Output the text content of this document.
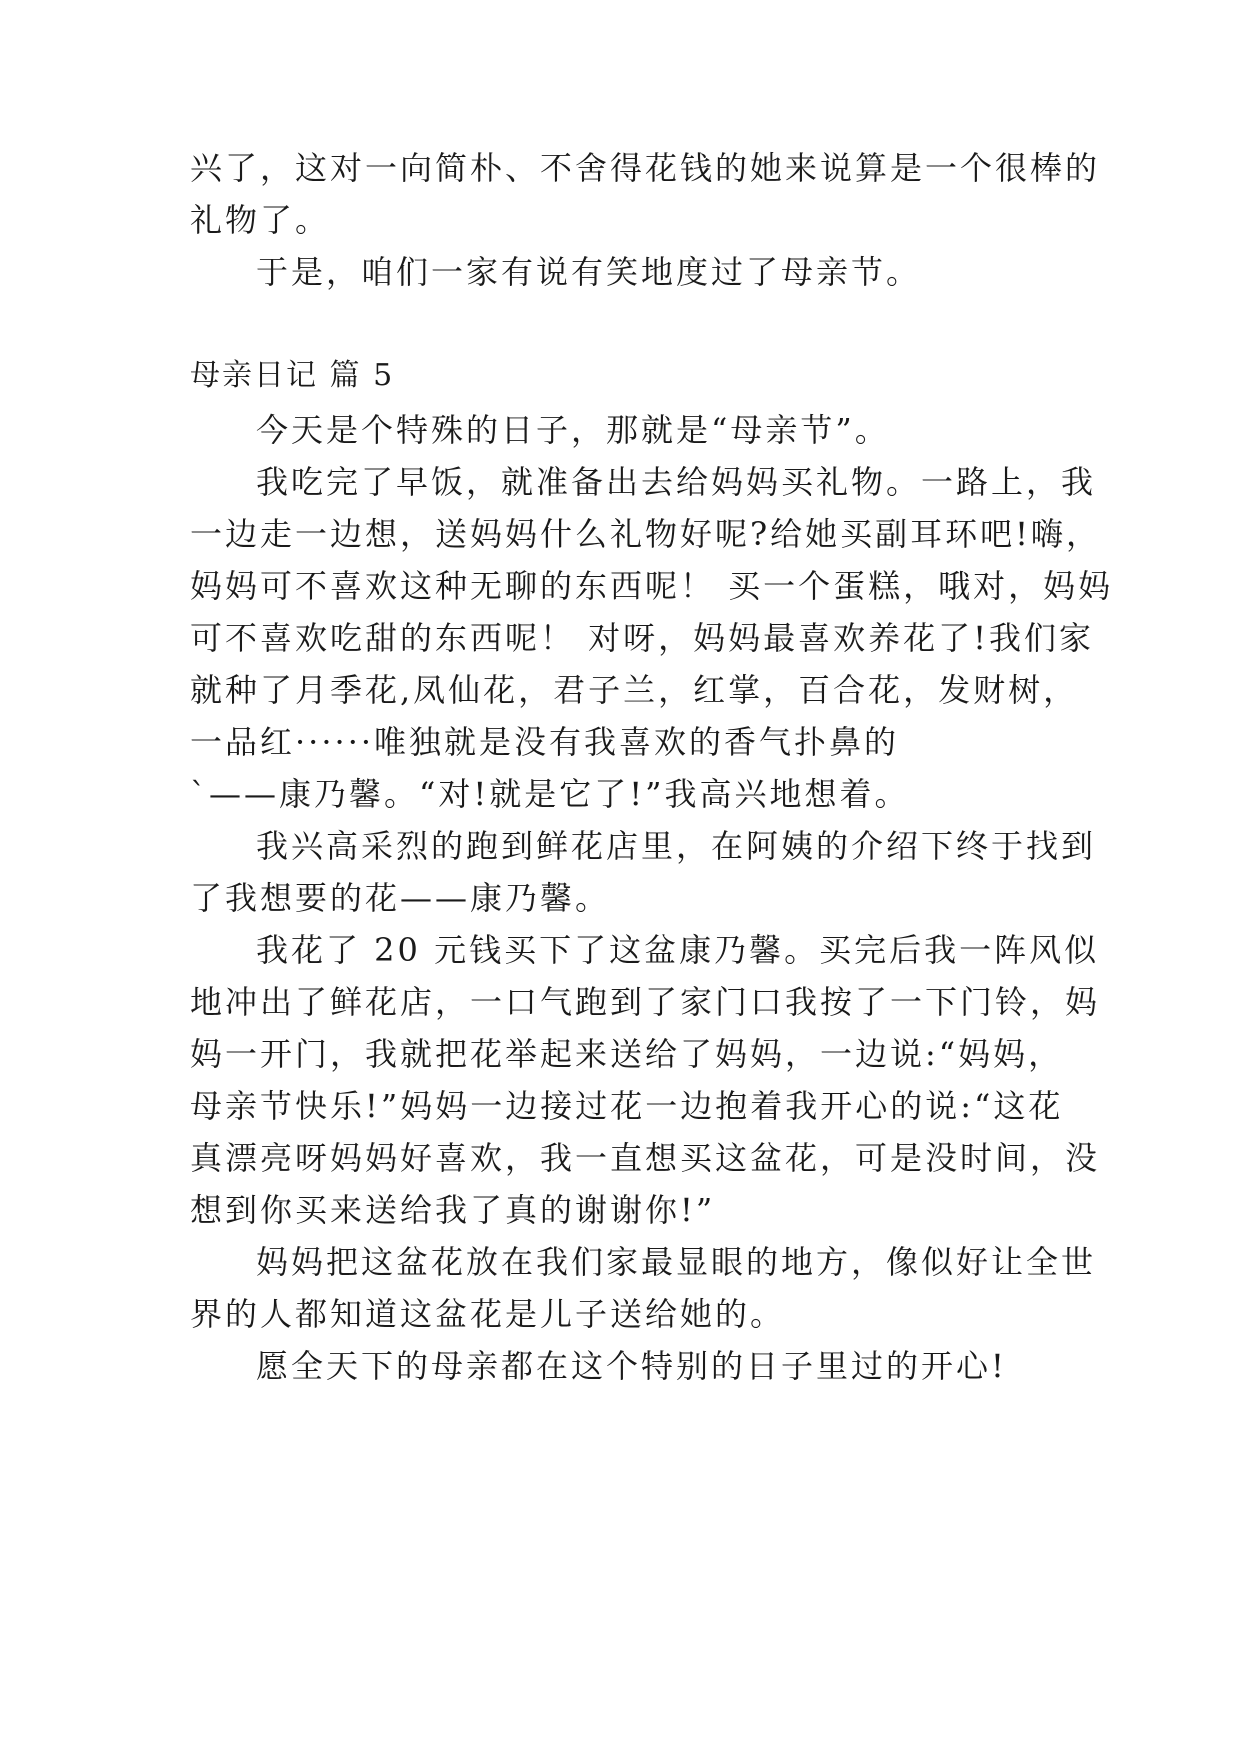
兴了，这对一向简朴、不舍得花钱的她来说算是一个很棒的
礼物了。
于是，咱们一家有说有笑地度过了母亲节。
母亲日记 篇 5
今天是个特殊的日子，那就是“母亲节”。
我吃完了早饭，就准备出去给妈妈买礼物。一路上，我
一边走一边想，送妈妈什么礼物好呢?给她买副耳环吧!嗨，
妈妈可不喜欢这种无聊的东西呢！ 买一个蛋糕，哦对，妈妈
可不喜欢吃甜的东西呢！ 对呀，妈妈最喜欢养花了!我们家
就种了月季花,凤仙花，君子兰，红掌，百合花，发财树，
一品红······唯独就是没有我喜欢的香气扑鼻的
`——康乃馨。“对!就是它了!”我高兴地想着。
我兴高采烈的跑到鲜花店里，在阿姨的介绍下终于找到
了我想要的花——康乃馨。
我花了 20 元钱买下了这盆康乃馨。买完后我一阵风似
地冲出了鲜花店，一口气跑到了家门口我按了一下门铃，妈
妈一开门，我就把花举起来送给了妈妈，一边说:“妈妈，
母亲节快乐!”妈妈一边接过花一边抱着我开心的说:“这花
真漂亮呀妈妈好喜欢，我一直想买这盆花，可是没时间，没
想到你买来送给我了真的谢谢你!”
妈妈把这盆花放在我们家最显眼的地方，像似好让全世
界的人都知道这盆花是儿子送给她的。
愿全天下的母亲都在这个特别的日子里过的开心!
